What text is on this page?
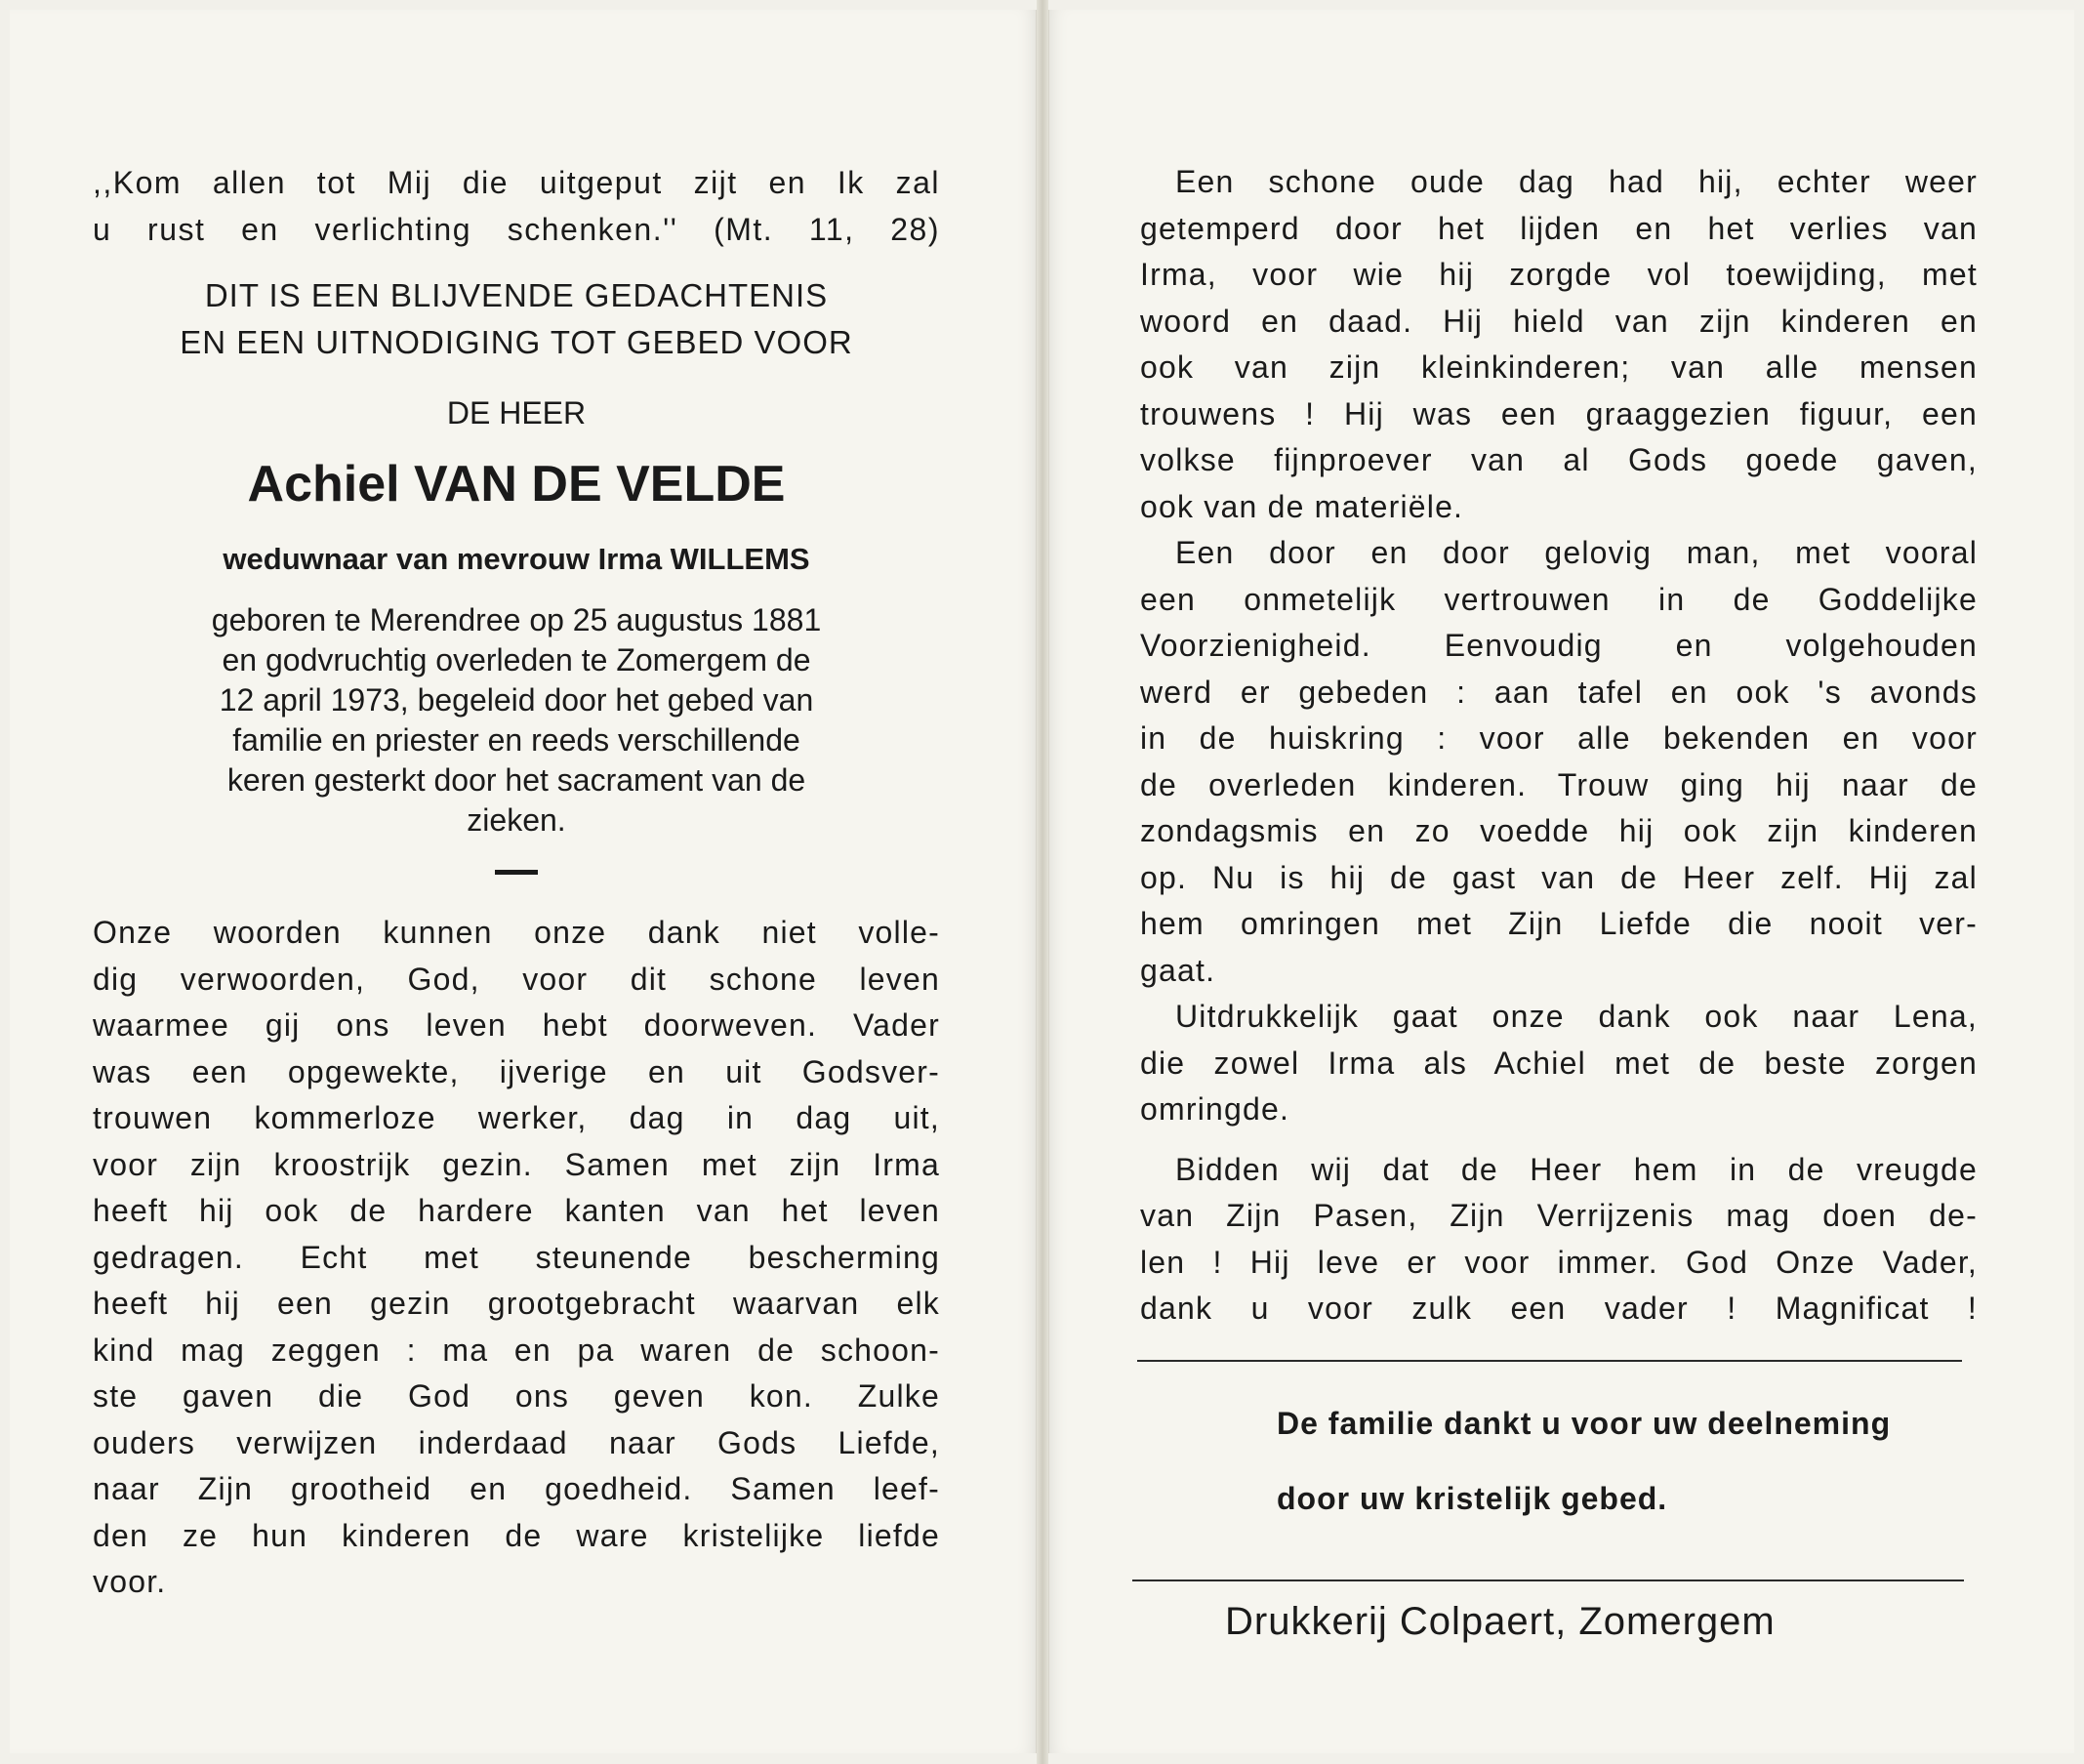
,,Kom allen tot Mij die uitgeput zijt en Ik zal
u rust en verlichting schenken.'' (Mt. 11, 28)
DIT IS EEN BLIJVENDE GEDACHTENIS
EN EEN UITNODIGING TOT GEBED VOOR
DE HEER
Achiel VAN DE VELDE
weduwnaar van mevrouw Irma WILLEMS
geboren te Merendree op 25 augustus 1881
en godvruchtig overleden te Zomergem de
12 april 1973, begeleid door het gebed van
familie en priester en reeds verschillende
keren gesterkt door het sacrament van de
zieken.
Onze woorden kunnen onze dank niet volle-
dig verwoorden, God, voor dit schone leven
waarmee gij ons leven hebt doorweven. Vader
was een opgewekte, ijverige en uit Godsver-
trouwen kommerloze werker, dag in dag uit,
voor zijn kroostrijk gezin. Samen met zijn Irma
heeft hij ook de hardere kanten van het leven
gedragen. Echt met steunende bescherming
heeft hij een gezin grootgebracht waarvan elk
kind mag zeggen : ma en pa waren de schoon-
ste gaven die God ons geven kon. Zulke
ouders verwijzen inderdaad naar Gods Liefde,
naar Zijn grootheid en goedheid. Samen leef-
den ze hun kinderen de ware kristelijke liefde
voor.
Een schone oude dag had hij, echter weer
getemperd door het lijden en het verlies van
Irma, voor wie hij zorgde vol toewijding, met
woord en daad. Hij hield van zijn kinderen en
ook van zijn kleinkinderen; van alle mensen
trouwens ! Hij was een graaggezien figuur, een
volkse fijnproever van al Gods goede gaven,
ook van de materiële.
Een door en door gelovig man, met vooral
een onmetelijk vertrouwen in de Goddelijke
Voorzienigheid. Eenvoudig en volgehouden
werd er gebeden : aan tafel en ook 's avonds
in de huiskring : voor alle bekenden en voor
de overleden kinderen. Trouw ging hij naar de
zondagsmis en zo voedde hij ook zijn kinderen
op. Nu is hij de gast van de Heer zelf. Hij zal
hem omringen met Zijn Liefde die nooit ver-
gaat.
Uitdrukkelijk gaat onze dank ook naar Lena,
die zowel Irma als Achiel met de beste zorgen
omringde.
Bidden wij dat de Heer hem in de vreugde
van Zijn Pasen, Zijn Verrijzenis mag doen de-
len ! Hij leve er voor immer. God Onze Vader,
dank u voor zulk een vader ! Magnificat !
De familie dankt u voor uw deelneming
door uw kristelijk gebed.
Drukkerij Colpaert, Zomergem
